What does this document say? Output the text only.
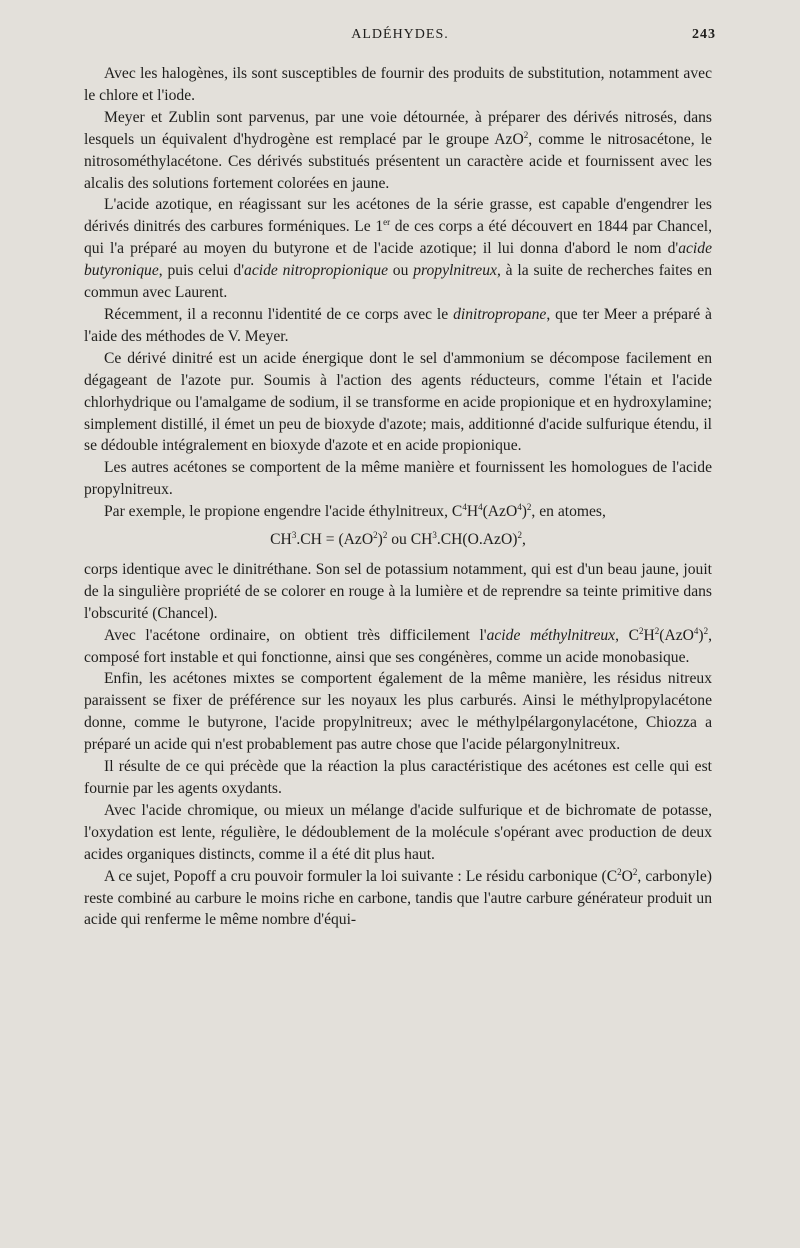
ALDÉHYDES.	243

Avec les halogènes, ils sont susceptibles de fournir des produits de substitution, notamment avec le chlore et l'iode.

Meyer et Zublin sont parvenus, par une voie détournée, à préparer des dérivés nitrosés, dans lesquels un équivalent d'hydrogène est remplacé par le groupe AzO$^2$, comme le nitrosacétone, le nitrosométhylacétone. Ces dérivés substitués présentent un caractère acide et fournissent avec les alcalis des solutions fortement colorées en jaune.

L'acide azotique, en réagissant sur les acétones de la série grasse, est capable d'engendrer les dérivés dinitrés des carbures forméniques. Le 1er de ces corps a été découvert en 1844 par Chancel, qui l'a préparé au moyen du butyrone et de l'acide azotique; il lui donna d'abord le nom d'acide butyronique, puis celui d'acide nitropropionique ou propylnitreux, à la suite de recherches faites en commun avec Laurent.

Récemment, il a reconnu l'identité de ce corps avec le dinitropropane, que ter Meer a préparé à l'aide des méthodes de V. Meyer.

Ce dérivé dinitré est un acide énergique dont le sel d'ammonium se décompose facilement en dégageant de l'azote pur. Soumis à l'action des agents réducteurs, comme l'étain et l'acide chlorhydrique ou l'amalgame de sodium, il se transforme en acide propionique et en hydroxylamine; simplement distillé, il émet un peu de bioxyde d'azote; mais, additionné d'acide sulfurique étendu, il se dédouble intégralement en bioxyde d'azote et en acide propionique.

Les autres acétones se comportent de la même manière et fournissent les homologues de l'acide propylnitreux.

Par exemple, le propione engendre l'acide éthylnitreux, $C^4H^4(AzO^4)^2$, en atomes,

$CH^3.CH = (AzO^2)^2$ ou $CH^3.CH(O.AzO)^2$,

corps identique avec le dinitréthane. Son sel de potassium notamment, qui est d'un beau jaune, jouit de la singulière propriété de se colorer en rouge à la lumière et de reprendre sa teinte primitive dans l'obscurité (Chancel).

Avec l'acétone ordinaire, on obtient très difficilement l'acide méthylnitreux, $C^2H^2(AzO^4)^2$, composé fort instable et qui fonctionne, ainsi que ses congénères, comme un acide monobasique.

Enfin, les acétones mixtes se comportent également de la même manière, les résidus nitreux paraissent se fixer de préférence sur les noyaux les plus carburés. Ainsi le méthylpropylacétone donne, comme le butyrone, l'acide propylnitreux; avec le méthylpélargonylacétone, Chiozza a préparé un acide qui n'est probablement pas autre chose que l'acide pélargonylnitreux.

Il résulte de ce qui précède que la réaction la plus caractéristique des acétones est celle qui est fournie par les agents oxydants.

Avec l'acide chromique, ou mieux un mélange d'acide sulfurique et de bichromate de potasse, l'oxydation est lente, régulière, le dédoublement de la molécule s'opérant avec production de deux acides organiques distincts, comme il a été dit plus haut.

A ce sujet, Popoff a cru pouvoir formuler la loi suivante : Le résidu carbonique ($C^2O^2$, carbonyle) reste combiné au carbure le moins riche en carbone, tandis que l'autre carbure générateur produit un acide qui renferme le même nombre d'équi-
